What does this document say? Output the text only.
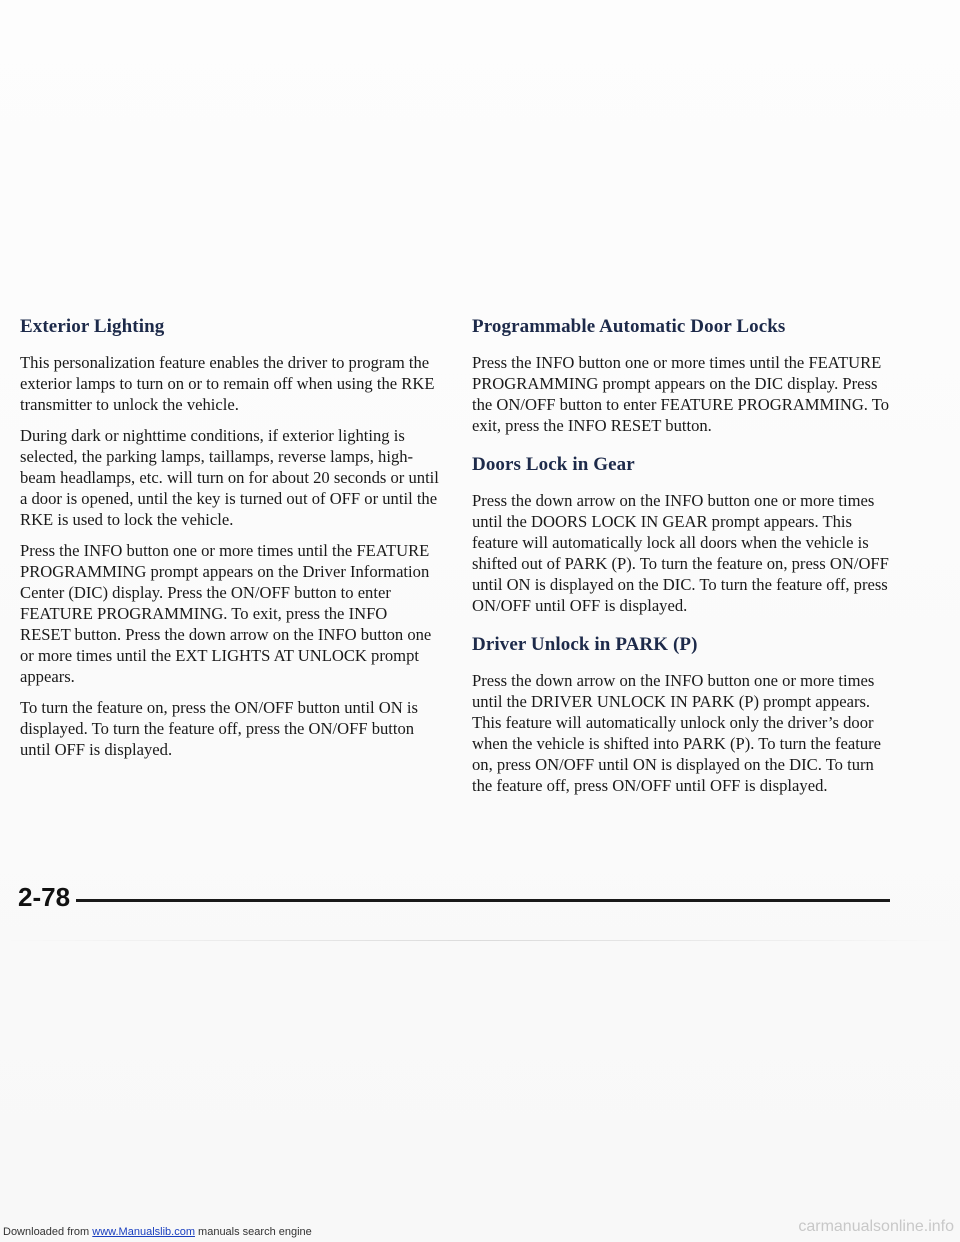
Exterior Lighting

This personalization feature enables the driver to program the exterior lamps to turn on or to remain off when using the RKE transmitter to unlock the vehicle.

During dark or nighttime conditions, if exterior lighting is selected, the parking lamps, taillamps, reverse lamps, high-beam headlamps, etc. will turn on for about 20 seconds or until a door is opened, until the key is turned out of OFF or until the RKE is used to lock the vehicle.

Press the INFO button one or more times until the FEATURE PROGRAMMING prompt appears on the Driver Information Center (DIC) display. Press the ON/OFF button to enter FEATURE PROGRAMMING. To exit, press the INFO RESET button. Press the down arrow on the INFO button one or more times until the EXT LIGHTS AT UNLOCK prompt appears.

To turn the feature on, press the ON/OFF button until ON is displayed. To turn the feature off, press the ON/OFF button until OFF is displayed.

Programmable Automatic Door Locks

Press the INFO button one or more times until the FEATURE PROGRAMMING prompt appears on the DIC display. Press the ON/OFF button to enter FEATURE PROGRAMMING. To exit, press the INFO RESET button.

Doors Lock in Gear

Press the down arrow on the INFO button one or more times until the DOORS LOCK IN GEAR prompt appears. This feature will automatically lock all doors when the vehicle is shifted out of PARK (P). To turn the feature on, press ON/OFF until ON is displayed on the DIC. To turn the feature off, press ON/OFF until OFF is displayed.

Driver Unlock in PARK (P)

Press the down arrow on the INFO button one or more times until the DRIVER UNLOCK IN PARK (P) prompt appears. This feature will automatically unlock only the driver’s door when the vehicle is shifted into PARK (P). To turn the feature on, press ON/OFF until ON is displayed on the DIC. To turn the feature off, press ON/OFF until OFF is displayed.

2-78
Downloaded from www.Manualslib.com manuals search engine	carmanualsonline.info
